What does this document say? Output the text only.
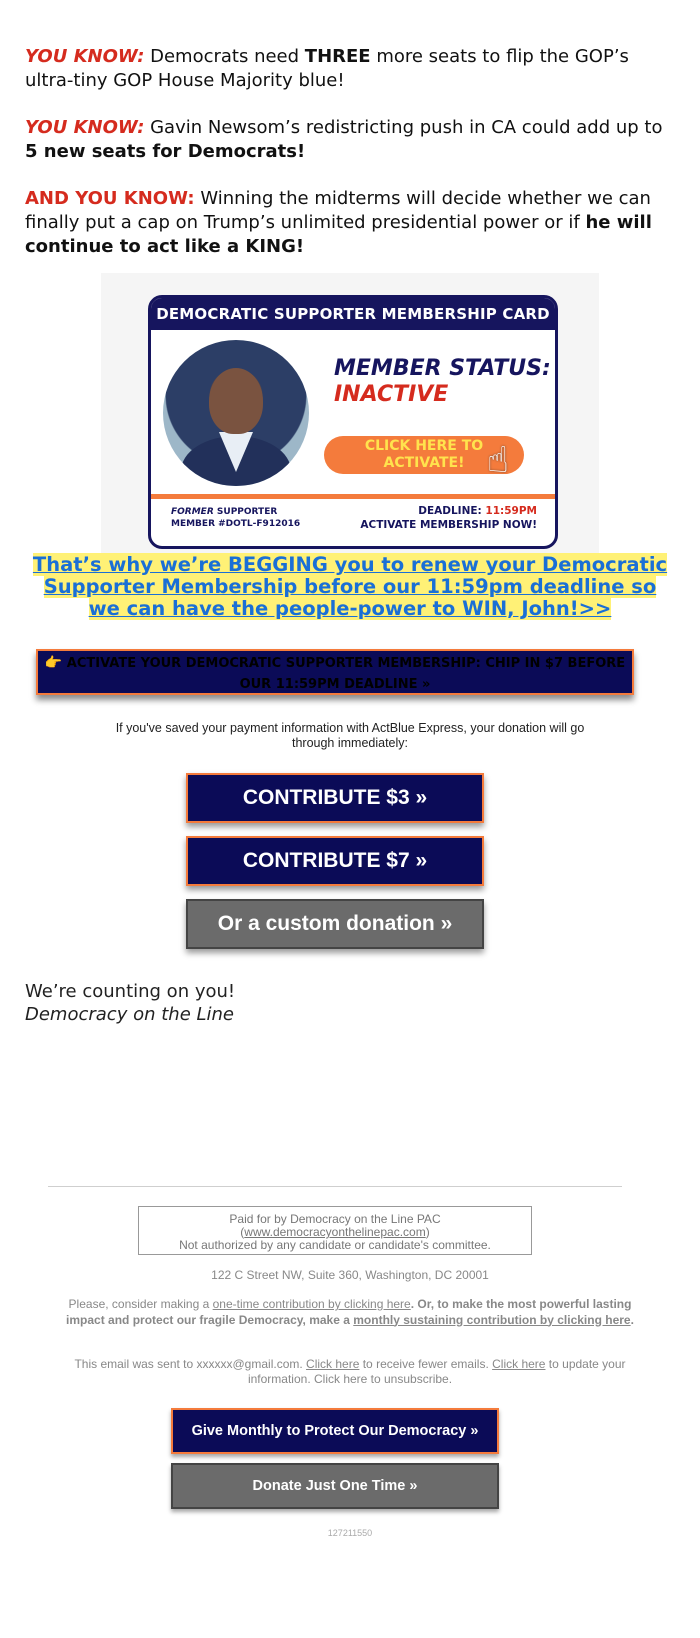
YOU KNOW: Democrats need THREE more seats to flip the GOP’s ultra-tiny GOP House Majority blue!
YOU KNOW: Gavin Newsom’s redistricting push in CA could add up to 5 new seats for Democrats!
AND YOU KNOW: Winning the midterms will decide whether we can finally put a cap on Trump’s unlimited presidential power or if he will continue to act like a KING!
DEMOCRATIC SUPPORTER MEMBERSHIP CARD
MEMBER STATUS:
INACTIVE
CLICK HERE TO
ACTIVATE! ☝
FORMER SUPPORTER
MEMBER #DOTL-F912016
DEADLINE: 11:59PM
ACTIVATE MEMBERSHIP NOW!
That’s why we’re BEGGING you to renew your Democratic Supporter Membership before our 11:59pm deadline so we can have the people-power to WIN, John!>>
👉 ACTIVATE YOUR DEMOCRATIC SUPPORTER MEMBERSHIP: CHIP IN $7 BEFORE OUR 11:59PM DEADLINE »
If you've saved your payment information with ActBlue Express, your donation will go through immediately:
CONTRIBUTE $3 »
CONTRIBUTE $7 »
Or a custom donation »
We’re counting on you!
Democracy on the Line
Paid for by Democracy on the Line PAC
(www.democracyonthelinepac.com)
Not authorized by any candidate or candidate's committee.
122 C Street NW, Suite 360, Washington, DC 20001
Please, consider making a one-time contribution by clicking here. Or, to make the most powerful lasting impact and protect our fragile Democracy, make a monthly sustaining contribution by clicking here.
This email was sent to xxxxxx@gmail.com. Click here to receive fewer emails. Click here to update your information. Click here to unsubscribe.
Give Monthly to Protect Our Democracy »
Donate Just One Time »
127211550
